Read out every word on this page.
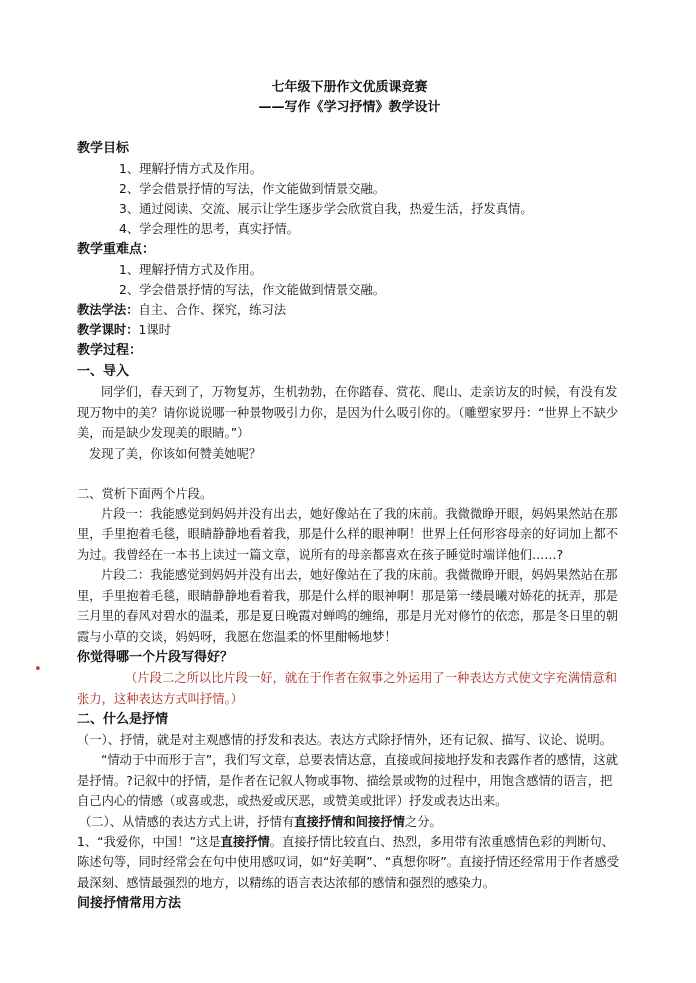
•
七年级下册作文优质课竞赛
——写作《学习抒情》教学设计
教学目标
1、理解抒情方式及作用。
2、学会借景抒情的写法，作文能做到情景交融。
3、通过阅读、交流、展示让学生逐步学会欣赏自我，热爱生活，抒发真情。
4、学会理性的思考，真实抒情。
教学重难点：
1、理解抒情方式及作用。
2、学会借景抒情的写法，作文能做到情景交融。
教法学法：自主、合作、探究，练习法
教学课时：1课时
教学过程：
一、导入
同学们，春天到了，万物复苏，生机勃勃，在你踏春、赏花、爬山、走亲访友的时候，有没有发现万物中的美？请你说说哪一种景物吸引力你，是因为什么吸引你的。（雕塑家罗丹：“世界上不缺少美，而是缺少发现美的眼睛。”）
发现了美，你该如何赞美她呢？
二、赏析下面两个片段。
片段一：我能感觉到妈妈并没有出去，她好像站在了我的床前。我微微睁开眼，妈妈果然站在那里，手里抱着毛毯，眼睛静静地看着我，那是什么样的眼神啊！世界上任何形容母亲的好词加上都不为过。我曾经在一本书上读过一篇文章，说所有的母亲都喜欢在孩子睡觉时端详他们……?
片段二：我能感觉到妈妈并没有出去，她好像站在了我的床前。我微微睁开眼，妈妈果然站在那里，手里抱着毛毯，眼睛静静地看着我，那是什么样的眼神啊！那是第一缕晨曦对娇花的抚弄，那是三月里的春风对碧水的温柔，那是夏日晚霞对蝉鸣的缠绵，那是月光对修竹的依恋，那是冬日里的朝霞与小草的交谈，妈妈呀，我愿在您温柔的怀里酣畅地梦！
你觉得哪一个片段写得好？
（片段二之所以比片段一好，就在于作者在叙事之外运用了一种表达方式使文字充满情意和张力，这种表达方式叫抒情。）
二、什么是抒情
（一）、抒情，就是对主观感情的抒发和表达。表达方式除抒情外，还有记叙、描写、议论、说明。
“情动于中而形于言”，我们写文章，总要表情达意，直接或间接地抒发和表露作者的感情，这就是抒情。?记叙中的抒情，是作者在记叙人物或事物、描绘景或物的过程中，用饱含感情的语言，把自己内心的情感（或喜或悲，或热爱或厌恶，或赞美或批评）抒发或表达出来。
（二）、从情感的表达方式上讲，抒情有直接抒情和间接抒情之分。
1、“我爱你，中国！”这是直接抒情。直接抒情比较直白、热烈，多用带有浓重感情色彩的判断句、陈述句等，同时经常会在句中使用感叹词，如“好美啊”、“真想你呀”。直接抒情还经常用于作者感受最深刻、感情最强烈的地方，以精练的语言表达浓郁的感情和强烈的感染力。
间接抒情常用方法
